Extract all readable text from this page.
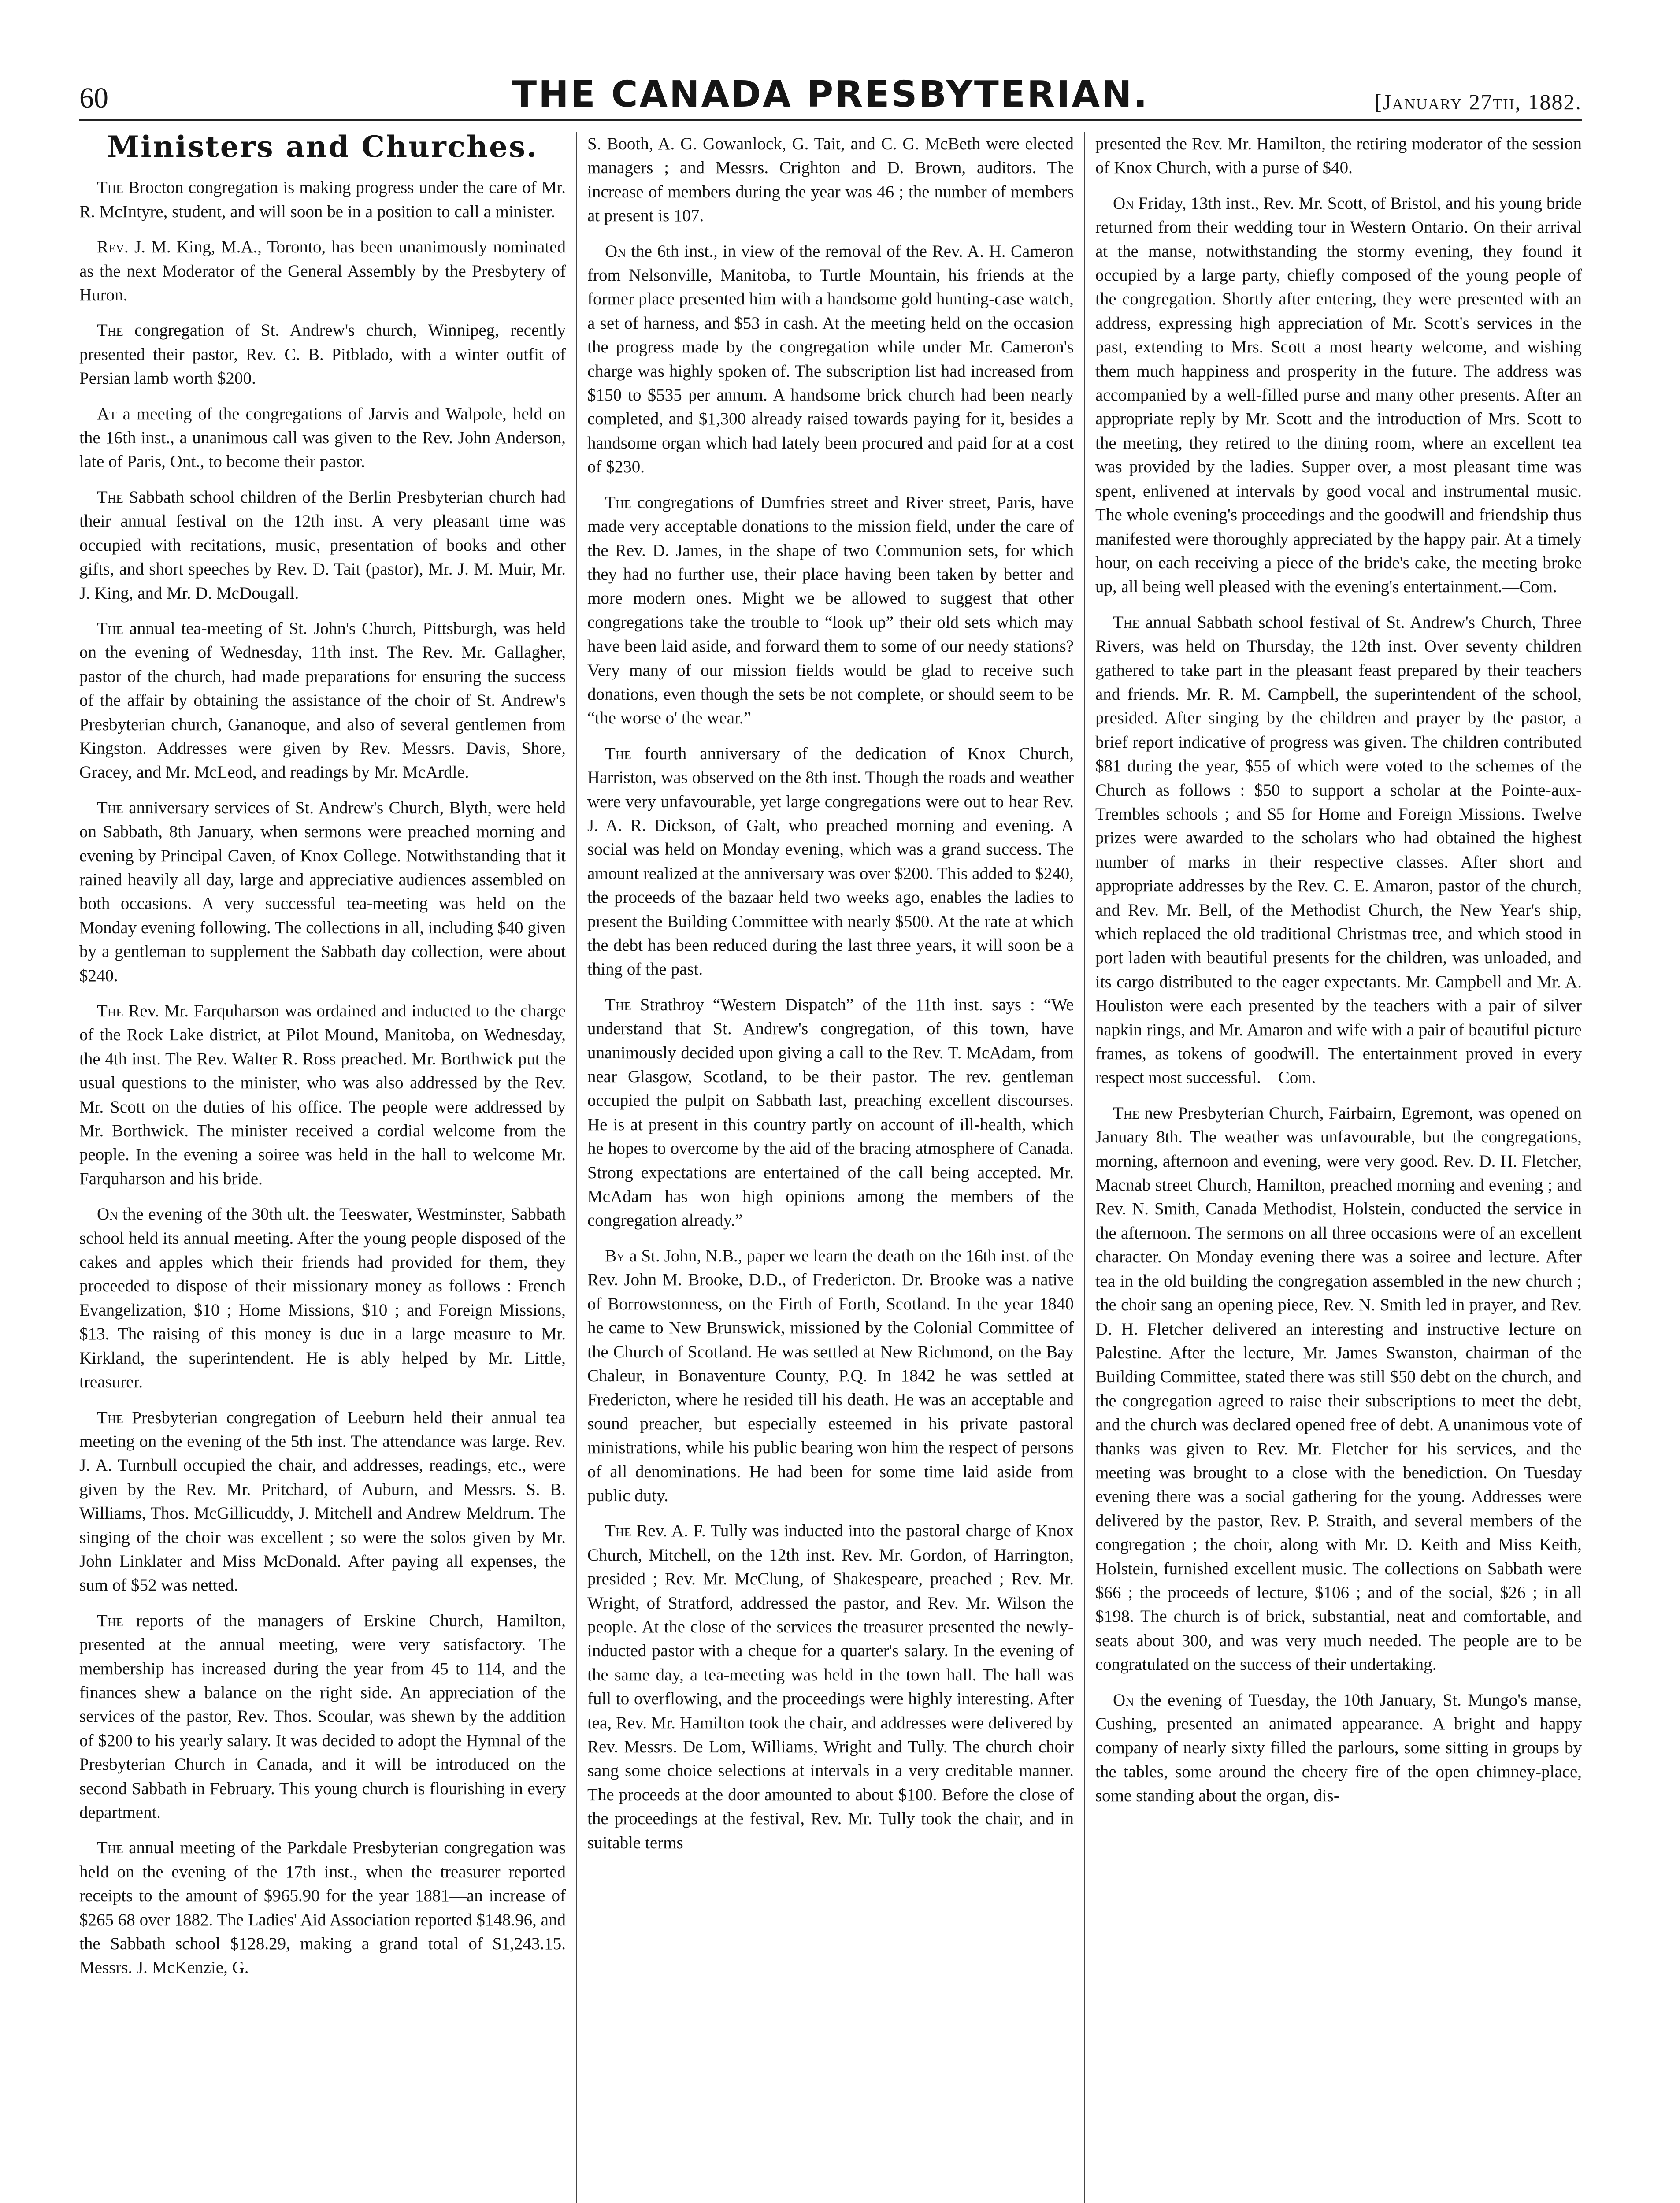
60	THE CANADA PRESBYTERIAN.	[January 27th, 1882.
Ministers and Churches.

The Brocton congregation is making progress under the care of Mr. R. McIntyre, student, and will soon be in a position to call a minister.

Rev. J. M. King, M.A., Toronto, has been unanimously nominated as the next Moderator of the General Assembly by the Presbytery of Huron.

The congregation of St. Andrew's church, Winnipeg, recently presented their pastor, Rev. C. B. Pitblado, with a winter outfit of Persian lamb worth $200.

At a meeting of the congregations of Jarvis and Walpole, held on the 16th inst., a unanimous call was given to the Rev. John Anderson, late of Paris, Ont., to become their pastor.

The Sabbath school children of the Berlin Presbyterian church had their annual festival on the 12th inst. A very pleasant time was occupied with recitations, music, presentation of books and other gifts, and short speeches by Rev. D. Tait (pastor), Mr. J. M. Muir, Mr. J. King, and Mr. D. McDougall.

The annual tea-meeting of St. John's Church, Pittsburgh, was held on the evening of Wednesday, 11th inst. The Rev. Mr. Gallagher, pastor of the church, had made preparations for ensuring the success of the affair by obtaining the assistance of the choir of St. Andrew's Presbyterian church, Gananoque, and also of several gentlemen from Kingston. Addresses were given by Rev. Messrs. Davis, Shore, Gracey, and Mr. McLeod, and readings by Mr. McArdle.

The anniversary services of St. Andrew's Church, Blyth, were held on Sabbath, 8th January, when sermons were preached morning and evening by Principal Caven, of Knox College. Notwithstanding that it rained heavily all day, large and appreciative audiences assembled on both occasions. A very successful tea-meeting was held on the Monday evening following. The collections in all, including $40 given by a gentleman to supplement the Sabbath day collection, were about $240.

The Rev. Mr. Farquharson was ordained and inducted to the charge of the Rock Lake district, at Pilot Mound, Manitoba, on Wednesday, the 4th inst. The Rev. Walter R. Ross preached. Mr. Borthwick put the usual questions to the minister, who was also addressed by the Rev. Mr. Scott on the duties of his office. The people were addressed by Mr. Borthwick. The minister received a cordial welcome from the people. In the evening a soiree was held in the hall to welcome Mr. Farquharson and his bride.

On the evening of the 30th ult. the Teeswater, Westminster, Sabbath school held its annual meeting. After the young people disposed of the cakes and apples which their friends had provided for them, they proceeded to dispose of their missionary money as follows : French Evangelization, $10 ; Home Missions, $10 ; and Foreign Missions, $13. The raising of this money is due in a large measure to Mr. Kirkland, the superintendent. He is ably helped by Mr. Little, treasurer.

The Presbyterian congregation of Leeburn held their annual tea meeting on the evening of the 5th inst. The attendance was large. Rev. J. A. Turnbull occupied the chair, and addresses, readings, etc., were given by the Rev. Mr. Pritchard, of Auburn, and Messrs. S. B. Williams, Thos. McGillicuddy, J. Mitchell and Andrew Meldrum. The singing of the choir was excellent ; so were the solos given by Mr. John Linklater and Miss McDonald. After paying all expenses, the sum of $52 was netted.

The reports of the managers of Erskine Church, Hamilton, presented at the annual meeting, were very satisfactory. The membership has increased during the year from 45 to 114, and the finances shew a balance on the right side. An appreciation of the services of the pastor, Rev. Thos. Scoular, was shewn by the addition of $200 to his yearly salary. It was decided to adopt the Hymnal of the Presbyterian Church in Canada, and it will be introduced on the second Sabbath in February. This young church is flourishing in every department.

The annual meeting of the Parkdale Presbyterian congregation was held on the evening of the 17th inst., when the treasurer reported receipts to the amount of $965.90 for the year 1881—an increase of $265 68 over 1882. The Ladies' Aid Association reported $148.96, and the Sabbath school $128.29, making a grand total of $1,243.15. Messrs. J. McKenzie, G.

S. Booth, A. G. Gowanlock, G. Tait, and C. G. McBeth were elected managers ; and Messrs. Crighton and D. Brown, auditors. The increase of members during the year was 46 ; the number of members at present is 107.

On the 6th inst., in view of the removal of the Rev. A. H. Cameron from Nelsonville, Manitoba, to Turtle Mountain, his friends at the former place presented him with a handsome gold hunting-case watch, a set of harness, and $53 in cash. At the meeting held on the occasion the progress made by the congregation while under Mr. Cameron's charge was highly spoken of. The subscription list had increased from $150 to $535 per annum. A handsome brick church had been nearly completed, and $1,300 already raised towards paying for it, besides a handsome organ which had lately been procured and paid for at a cost of $230.

The congregations of Dumfries street and River street, Paris, have made very acceptable donations to the mission field, under the care of the Rev. D. James, in the shape of two Communion sets, for which they had no further use, their place having been taken by better and more modern ones. Might we be allowed to suggest that other congregations take the trouble to “look up” their old sets which may have been laid aside, and forward them to some of our needy stations? Very many of our mission fields would be glad to receive such donations, even though the sets be not complete, or should seem to be “the worse o' the wear.”

The fourth anniversary of the dedication of Knox Church, Harriston, was observed on the 8th inst. Though the roads and weather were very unfavourable, yet large congregations were out to hear Rev. J. A. R. Dickson, of Galt, who preached morning and evening. A social was held on Monday evening, which was a grand success. The amount realized at the anniversary was over $200. This added to $240, the proceeds of the bazaar held two weeks ago, enables the ladies to present the Building Committee with nearly $500. At the rate at which the debt has been reduced during the last three years, it will soon be a thing of the past.

The Strathroy “Western Dispatch” of the 11th inst. says : “We understand that St. Andrew's congregation, of this town, have unanimously decided upon giving a call to the Rev. T. McAdam, from near Glasgow, Scotland, to be their pastor. The rev. gentleman occupied the pulpit on Sabbath last, preaching excellent discourses. He is at present in this country partly on account of ill-health, which he hopes to overcome by the aid of the bracing atmosphere of Canada. Strong expectations are entertained of the call being accepted. Mr. McAdam has won high opinions among the members of the congregation already.”

By a St. John, N.B., paper we learn the death on the 16th inst. of the Rev. John M. Brooke, D.D., of Fredericton. Dr. Brooke was a native of Borrowstonness, on the Firth of Forth, Scotland. In the year 1840 he came to New Brunswick, missioned by the Colonial Committee of the Church of Scotland. He was settled at New Richmond, on the Bay Chaleur, in Bonaventure County, P.Q. In 1842 he was settled at Fredericton, where he resided till his death. He was an acceptable and sound preacher, but especially esteemed in his private pastoral ministrations, while his public bearing won him the respect of persons of all denominations. He had been for some time laid aside from public duty.

The Rev. A. F. Tully was inducted into the pastoral charge of Knox Church, Mitchell, on the 12th inst. Rev. Mr. Gordon, of Harrington, presided ; Rev. Mr. McClung, of Shakespeare, preached ; Rev. Mr. Wright, of Stratford, addressed the pastor, and Rev. Mr. Wilson the people. At the close of the services the treasurer presented the newly-inducted pastor with a cheque for a quarter's salary. In the evening of the same day, a tea-meeting was held in the town hall. The hall was full to overflowing, and the proceedings were highly interesting. After tea, Rev. Mr. Hamilton took the chair, and addresses were delivered by Rev. Messrs. De Lom, Williams, Wright and Tully. The church choir sang some choice selections at intervals in a very creditable manner. The proceeds at the door amounted to about $100. Before the close of the proceedings at the festival, Rev. Mr. Tully took the chair, and in suitable terms

presented the Rev. Mr. Hamilton, the retiring moderator of the session of Knox Church, with a purse of $40.

On Friday, 13th inst., Rev. Mr. Scott, of Bristol, and his young bride returned from their wedding tour in Western Ontario. On their arrival at the manse, notwithstanding the stormy evening, they found it occupied by a large party, chiefly composed of the young people of the congregation. Shortly after entering, they were presented with an address, expressing high appreciation of Mr. Scott's services in the past, extending to Mrs. Scott a most hearty welcome, and wishing them much happiness and prosperity in the future. The address was accompanied by a well-filled purse and many other presents. After an appropriate reply by Mr. Scott and the introduction of Mrs. Scott to the meeting, they retired to the dining room, where an excellent tea was provided by the ladies. Supper over, a most pleasant time was spent, enlivened at intervals by good vocal and instrumental music. The whole evening's proceedings and the goodwill and friendship thus manifested were thoroughly appreciated by the happy pair. At a timely hour, on each receiving a piece of the bride's cake, the meeting broke up, all being well pleased with the evening's entertainment.—Com.

The annual Sabbath school festival of St. Andrew's Church, Three Rivers, was held on Thursday, the 12th inst. Over seventy children gathered to take part in the pleasant feast prepared by their teachers and friends. Mr. R. M. Campbell, the superintendent of the school, presided. After singing by the children and prayer by the pastor, a brief report indicative of progress was given. The children contributed $81 during the year, $55 of which were voted to the schemes of the Church as follows : $50 to support a scholar at the Pointe-aux-Trembles schools ; and $5 for Home and Foreign Missions. Twelve prizes were awarded to the scholars who had obtained the highest number of marks in their respective classes. After short and appropriate addresses by the Rev. C. E. Amaron, pastor of the church, and Rev. Mr. Bell, of the Methodist Church, the New Year's ship, which replaced the old traditional Christmas tree, and which stood in port laden with beautiful presents for the children, was unloaded, and its cargo distributed to the eager expectants. Mr. Campbell and Mr. A. Houliston were each presented by the teachers with a pair of silver napkin rings, and Mr. Amaron and wife with a pair of beautiful picture frames, as tokens of goodwill. The entertainment proved in every respect most successful.—Com.

The new Presbyterian Church, Fairbairn, Egremont, was opened on January 8th. The weather was unfavourable, but the congregations, morning, afternoon and evening, were very good. Rev. D. H. Fletcher, Macnab street Church, Hamilton, preached morning and evening ; and Rev. N. Smith, Canada Methodist, Holstein, conducted the service in the afternoon. The sermons on all three occasions were of an excellent character. On Monday evening there was a soiree and lecture. After tea in the old building the congregation assembled in the new church ; the choir sang an opening piece, Rev. N. Smith led in prayer, and Rev. D. H. Fletcher delivered an interesting and instructive lecture on Palestine. After the lecture, Mr. James Swanston, chairman of the Building Committee, stated there was still $50 debt on the church, and the congregation agreed to raise their subscriptions to meet the debt, and the church was declared opened free of debt. A unanimous vote of thanks was given to Rev. Mr. Fletcher for his services, and the meeting was brought to a close with the benediction. On Tuesday evening there was a social gathering for the young. Addresses were delivered by the pastor, Rev. P. Straith, and several members of the congregation ; the choir, along with Mr. D. Keith and Miss Keith, Holstein, furnished excellent music. The collections on Sabbath were $66 ; the proceeds of lecture, $106 ; and of the social, $26 ; in all $198. The church is of brick, substantial, neat and comfortable, and seats about 300, and was very much needed. The people are to be congratulated on the success of their undertaking.

On the evening of Tuesday, the 10th January, St. Mungo's manse, Cushing, presented an animated appearance. A bright and happy company of nearly sixty filled the parlours, some sitting in groups by the tables, some around the cheery fire of the open chimney-place, some standing about the organ, dis-
